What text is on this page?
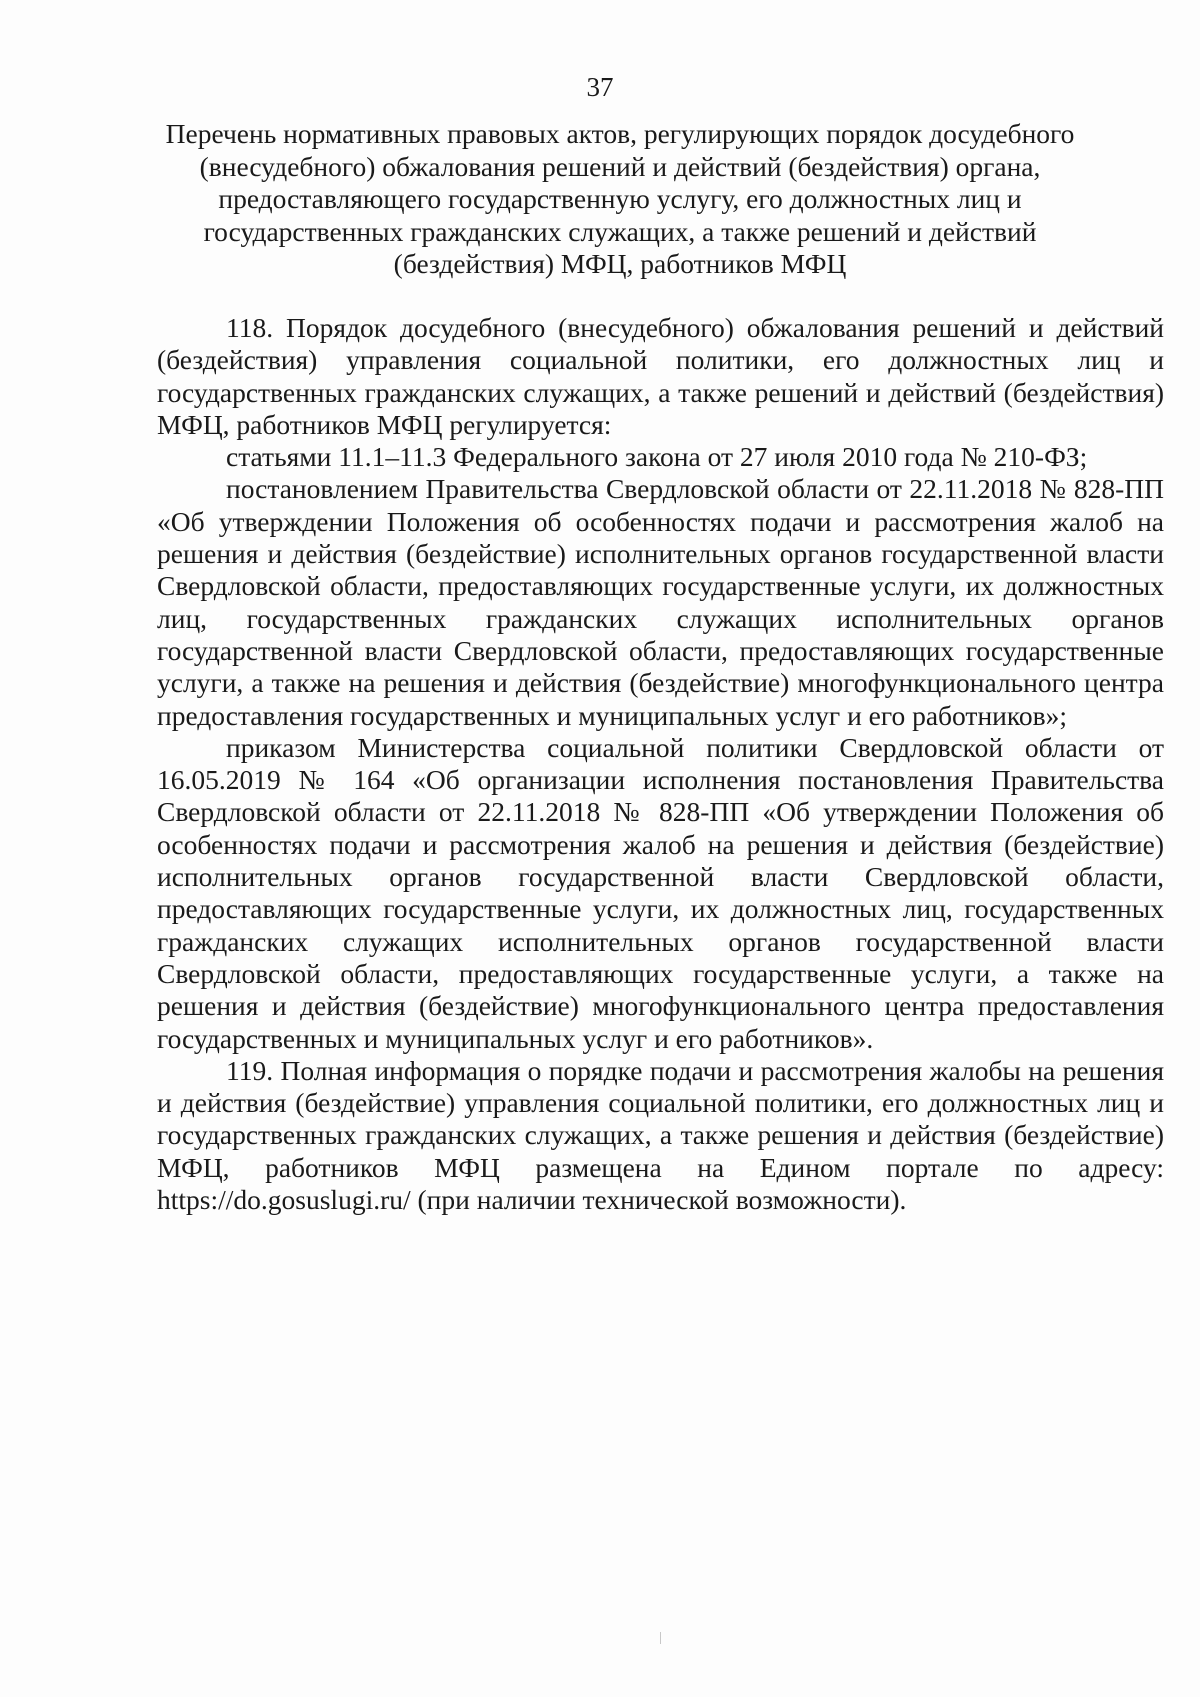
37
Перечень нормативных правовых актов, регулирующих порядок досудебного (внесудебного) обжалования решений и действий (бездействия) органа, предоставляющего государственную услугу, его должностных лиц и государственных гражданских служащих, а также решений и действий (бездействия) МФЦ, работников МФЦ

118. Порядок досудебного (внесудебного) обжалования решений и действий (бездействия) управления социальной политики, его должностных лиц и государственных гражданских служащих, а также решений и действий (бездействия) МФЦ, работников МФЦ регулируется:

статьями 11.1–11.3 Федерального закона от 27 июля 2010 года № 210-ФЗ;

постановлением Правительства Свердловской области от 22.11.2018 № 828-ПП «Об утверждении Положения об особенностях подачи и рассмотрения жалоб на решения и действия (бездействие) исполнительных органов государственной власти Свердловской области, предоставляющих государственные услуги, их должностных лиц, государственных гражданских служащих исполнительных органов государственной власти Свердловской области, предоставляющих государственные услуги, а также на решения и действия (бездействие) многофункционального центра предоставления государственных и муниципальных услуг и его работников»;

приказом Министерства социальной политики Свердловской области от 16.05.2019 № 164 «Об организации исполнения постановления Правительства Свердловской области от 22.11.2018 № 828-ПП «Об утверждении Положения об особенностях подачи и рассмотрения жалоб на решения и действия (бездействие) исполнительных органов государственной власти Свердловской области, предоставляющих государственные услуги, их должностных лиц, государственных гражданских служащих исполнительных органов государственной власти Свердловской области, предоставляющих государственные услуги, а также на решения и действия (бездействие) многофункционального центра предоставления государственных и муниципальных услуг и его работников».

119. Полная информация о порядке подачи и рассмотрения жалобы на решения и действия (бездействие) управления социальной политики, его должностных лиц и государственных гражданских служащих, а также решения и действия (бездействие) МФЦ, работников МФЦ размещена на Едином портале по адресу: https://do.gosuslugi.ru/ (при наличии технической возможности).
